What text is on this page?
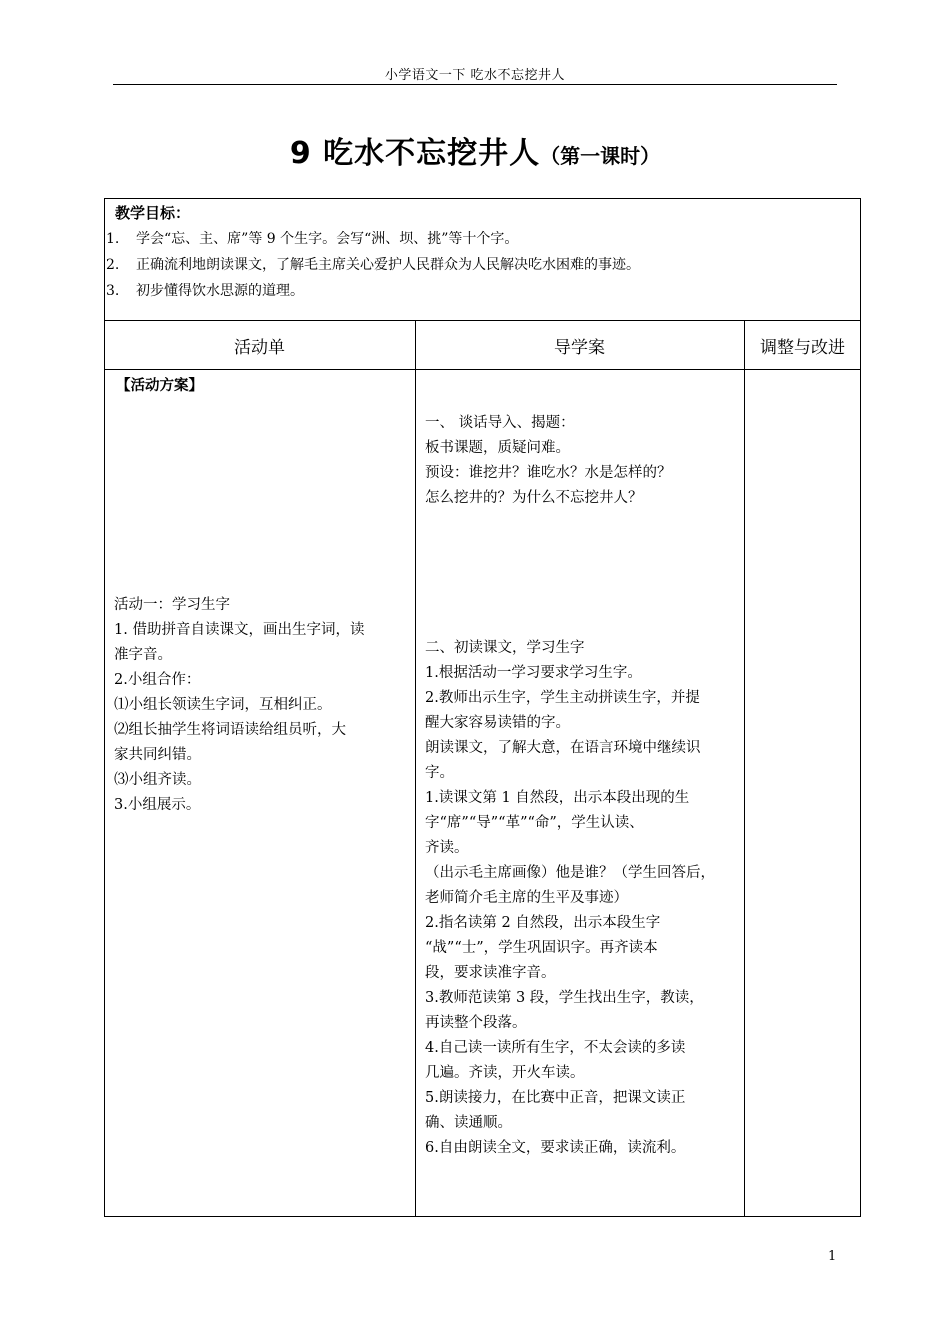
小学语文一下 吃水不忘挖井人
9 吃水不忘挖井人（第一课时）
教学目标：
1. 学会“忘、主、席”等 9 个生字。会写“洲、坝、挑”等十个字。
2. 正确流利地朗读课文，了解毛主席关心爱护人民群众为人民解决吃水困难的事迹。
3. 初步懂得饮水思源的道理。
活动单	导学案	调整与改进
【活动方案】
活动一：学习生字
1. 借助拼音自读课文，画出生字词，读
准字音。
2.小组合作：
⑴小组长领读生字词，互相纠正。
⑵组长抽学生将词语读给组员听，大
家共同纠错。
⑶小组齐读。
3.小组展示。
一、 谈话导入、揭题：
板书课题，质疑问难。
预设：谁挖井？谁吃水？水是怎样的？
怎么挖井的？为什么不忘挖井人？
二、初读课文，学习生字
1.根据活动一学习要求学习生字。
2.教师出示生字，学生主动拼读生字，并提
醒大家容易读错的字。
朗读课文，了解大意，在语言环境中继续识
字。
1.读课文第 1 自然段，出示本段出现的生
字“席”“导”“革”“命”，学生认读、
齐读。
（出示毛主席画像）他是谁？（学生回答后，
老师简介毛主席的生平及事迹）
2.指名读第 2 自然段，出示本段生字
“战”“士”，学生巩固识字。再齐读本
段，要求读准字音。
3.教师范读第 3 段，学生找出生字，教读，
再读整个段落。
4.自己读一读所有生字，不太会读的多读
几遍。齐读，开火车读。
5.朗读接力，在比赛中正音，把课文读正
确、读通顺。
6.自由朗读全文，要求读正确，读流利。
1
